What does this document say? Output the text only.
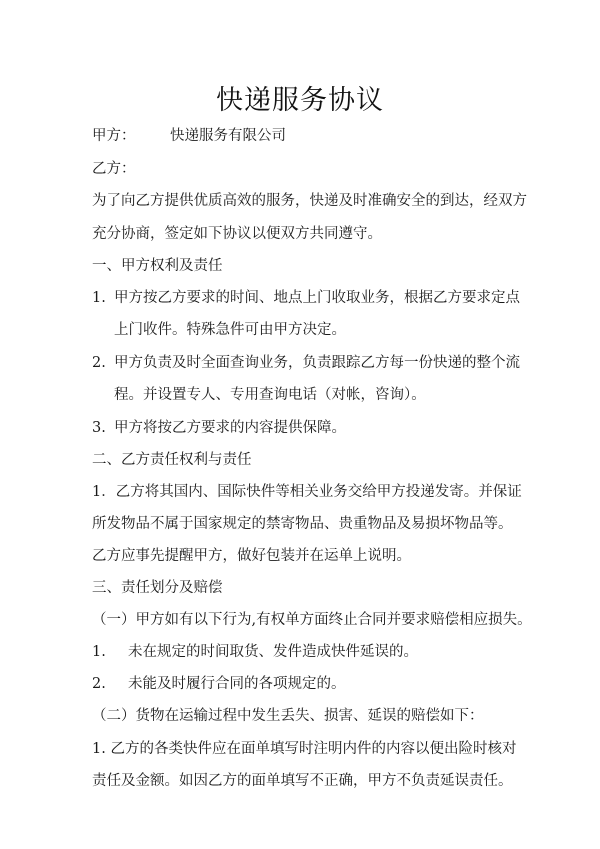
快递服务协议
甲方： 快递服务有限公司
乙方：
为了向乙方提供优质高效的服务，快递及时准确安全的到达，经双方
充分协商，签定如下协议以便双方共同遵守。
一、甲方权利及责任
1. 甲方按乙方要求的时间、地点上门收取业务，根据乙方要求定点
上门收件。特殊急件可由甲方决定。
2. 甲方负责及时全面查询业务，负责跟踪乙方每一份快递的整个流
程。并设置专人、专用查询电话（对帐，咨询）。
3. 甲方将按乙方要求的内容提供保障。
二、乙方责任权利与责任
1．乙方将其国内、国际快件等相关业务交给甲方投递发寄。并保证
所发物品不属于国家规定的禁寄物品、贵重物品及易损坏物品等。
乙方应事先提醒甲方，做好包装并在运单上说明。
三、责任划分及赔偿
（一）甲方如有以下行为,有权单方面终止合同并要求赔偿相应损失。
1. 未在规定的时间取货、发件造成快件延误的。
2. 未能及时履行合同的各项规定的。
（二）货物在运输过程中发生丢失、损害、延误的赔偿如下：
1. 乙方的各类快件应在面单填写时注明内件的内容以便出险时核对
责任及金额。如因乙方的面单填写不正确，甲方不负责延误责任。
